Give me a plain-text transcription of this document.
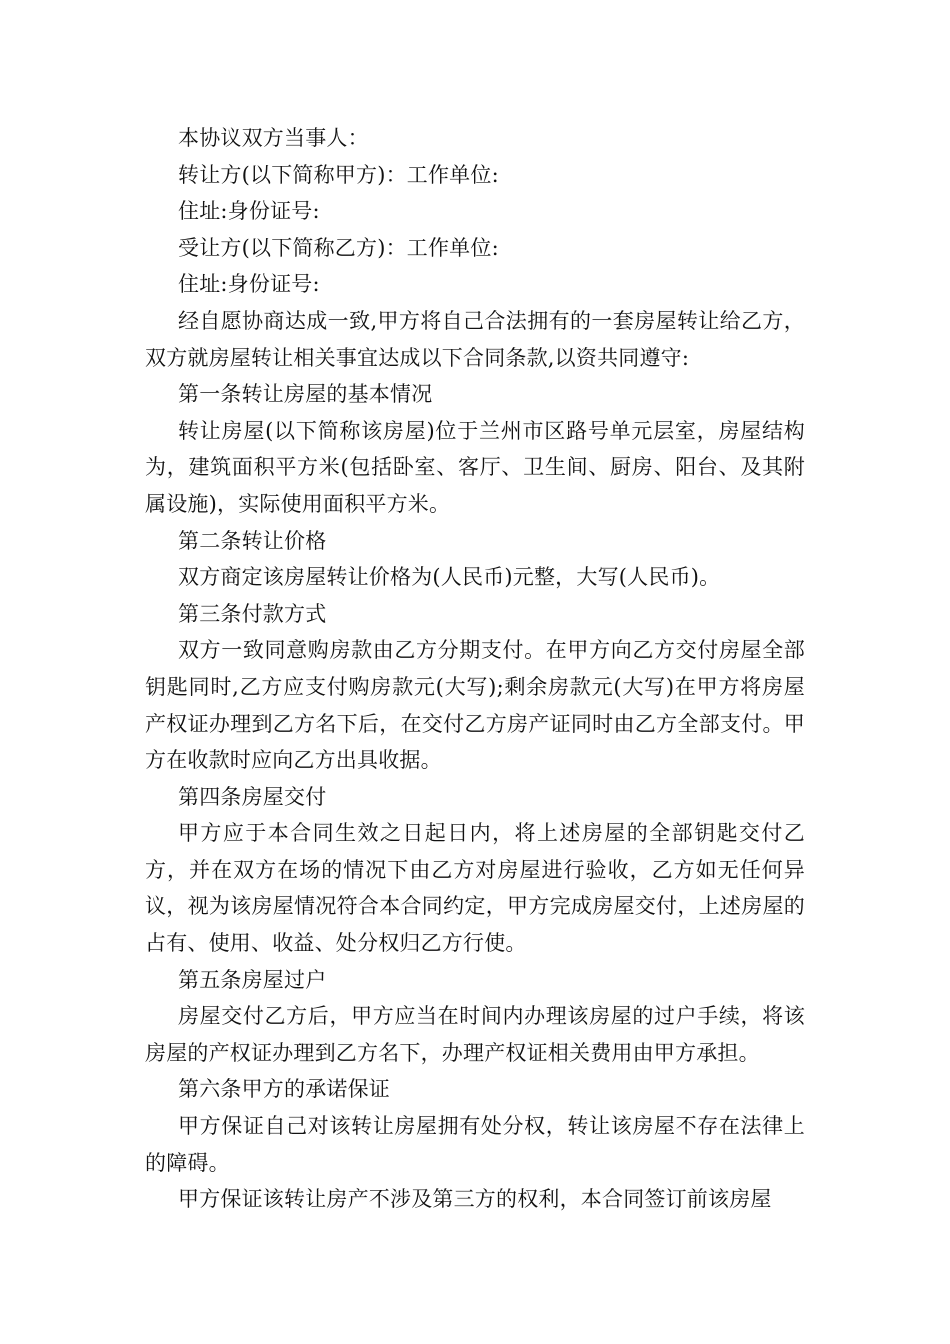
本协议双方当事人：

转让方(以下简称甲方)：工作单位:

住址:身份证号:

受让方(以下简称乙方)：工作单位:

住址:身份证号:

经自愿协商达成一致,甲方将自己合法拥有的一套房屋转让给乙方，双方就房屋转让相关事宜达成以下合同条款,以资共同遵守:

第一条转让房屋的基本情况

转让房屋(以下简称该房屋)位于兰州市区路号单元层室，房屋结构为，建筑面积平方米(包括卧室、客厅、卫生间、厨房、阳台、及其附属设施)，实际使用面积平方米。

第二条转让价格

双方商定该房屋转让价格为(人民币)元整，大写(人民币)。

第三条付款方式

双方一致同意购房款由乙方分期支付。在甲方向乙方交付房屋全部钥匙同时,乙方应支付购房款元(大写);剩余房款元(大写)在甲方将房屋产权证办理到乙方名下后，在交付乙方房产证同时由乙方全部支付。甲方在收款时应向乙方出具收据。

第四条房屋交付

甲方应于本合同生效之日起日内，将上述房屋的全部钥匙交付乙方，并在双方在场的情况下由乙方对房屋进行验收，乙方如无任何异议，视为该房屋情况符合本合同约定，甲方完成房屋交付，上述房屋的占有、使用、收益、处分权归乙方行使。

第五条房屋过户

房屋交付乙方后，甲方应当在时间内办理该房屋的过户手续，将该房屋的产权证办理到乙方名下，办理产权证相关费用由甲方承担。

第六条甲方的承诺保证

甲方保证自己对该转让房屋拥有处分权，转让该房屋不存在法律上的障碍。

甲方保证该转让房产不涉及第三方的权利，本合同签订前该房屋
